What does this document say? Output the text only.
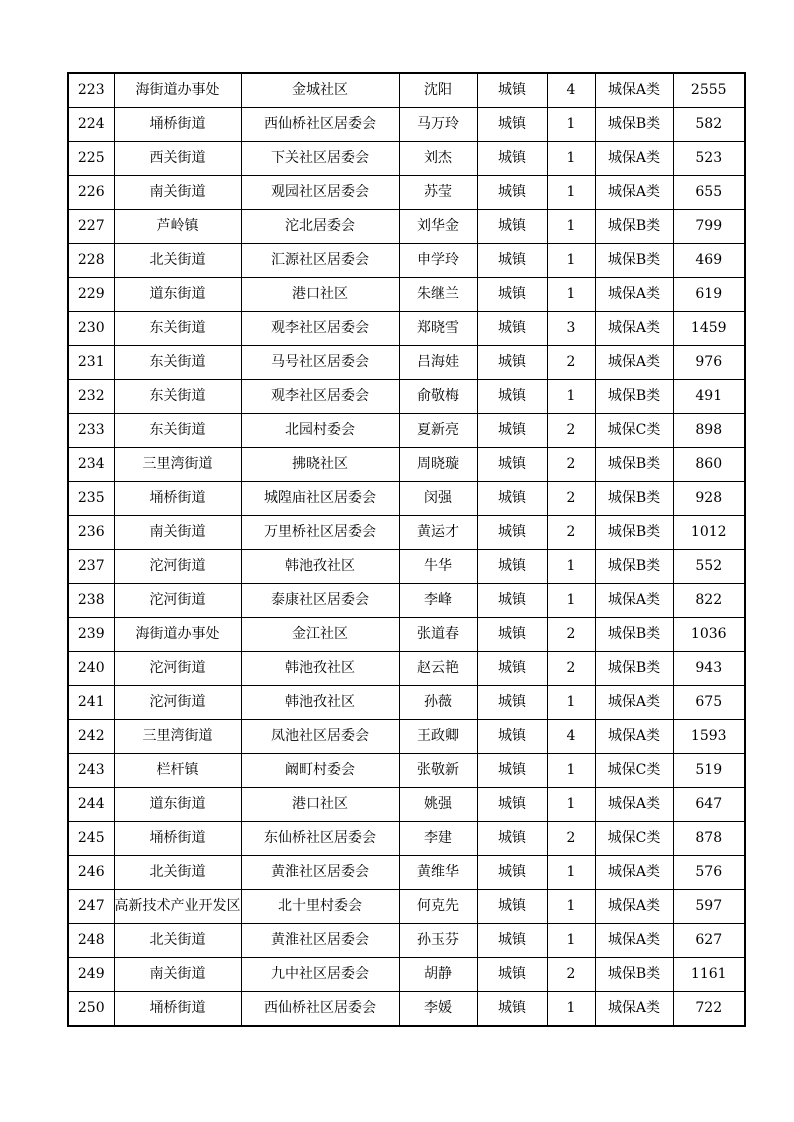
223	海街道办事处	金城社区	沈阳	城镇	4	城保A类	2555
224	埇桥街道	西仙桥社区居委会	马万玲	城镇	1	城保B类	582
225	西关街道	下关社区居委会	刘杰	城镇	1	城保A类	523
226	南关街道	观园社区居委会	苏莹	城镇	1	城保A类	655
227	芦岭镇	沱北居委会	刘华金	城镇	1	城保B类	799
228	北关街道	汇源社区居委会	申学玲	城镇	1	城保B类	469
229	道东街道	港口社区	朱继兰	城镇	1	城保A类	619
230	东关街道	观李社区居委会	郑晓雪	城镇	3	城保A类	1459
231	东关街道	马号社区居委会	吕海娃	城镇	2	城保A类	976
232	东关街道	观李社区居委会	俞敬梅	城镇	1	城保B类	491
233	东关街道	北园村委会	夏新亮	城镇	2	城保C类	898
234	三里湾街道	拂晓社区	周晓璇	城镇	2	城保B类	860
235	埇桥街道	城隍庙社区居委会	闵强	城镇	2	城保B类	928
236	南关街道	万里桥社区居委会	黄运才	城镇	2	城保B类	1012
237	沱河街道	韩池孜社区	牛华	城镇	1	城保B类	552
238	沱河街道	泰康社区居委会	李峰	城镇	1	城保A类	822
239	海街道办事处	金江社区	张道春	城镇	2	城保B类	1036
240	沱河街道	韩池孜社区	赵云艳	城镇	2	城保B类	943
241	沱河街道	韩池孜社区	孙薇	城镇	1	城保A类	675
242	三里湾街道	凤池社区居委会	王政卿	城镇	4	城保A类	1593
243	栏杆镇	阚町村委会	张敬新	城镇	1	城保C类	519
244	道东街道	港口社区	姚强	城镇	1	城保A类	647
245	埇桥街道	东仙桥社区居委会	李建	城镇	2	城保C类	878
246	北关街道	黄淮社区居委会	黄维华	城镇	1	城保A类	576
247	高新技术产业开发区	北十里村委会	何克先	城镇	1	城保A类	597
248	北关街道	黄淮社区居委会	孙玉芬	城镇	1	城保A类	627
249	南关街道	九中社区居委会	胡静	城镇	2	城保B类	1161
250	埇桥街道	西仙桥社区居委会	李媛	城镇	1	城保A类	722
